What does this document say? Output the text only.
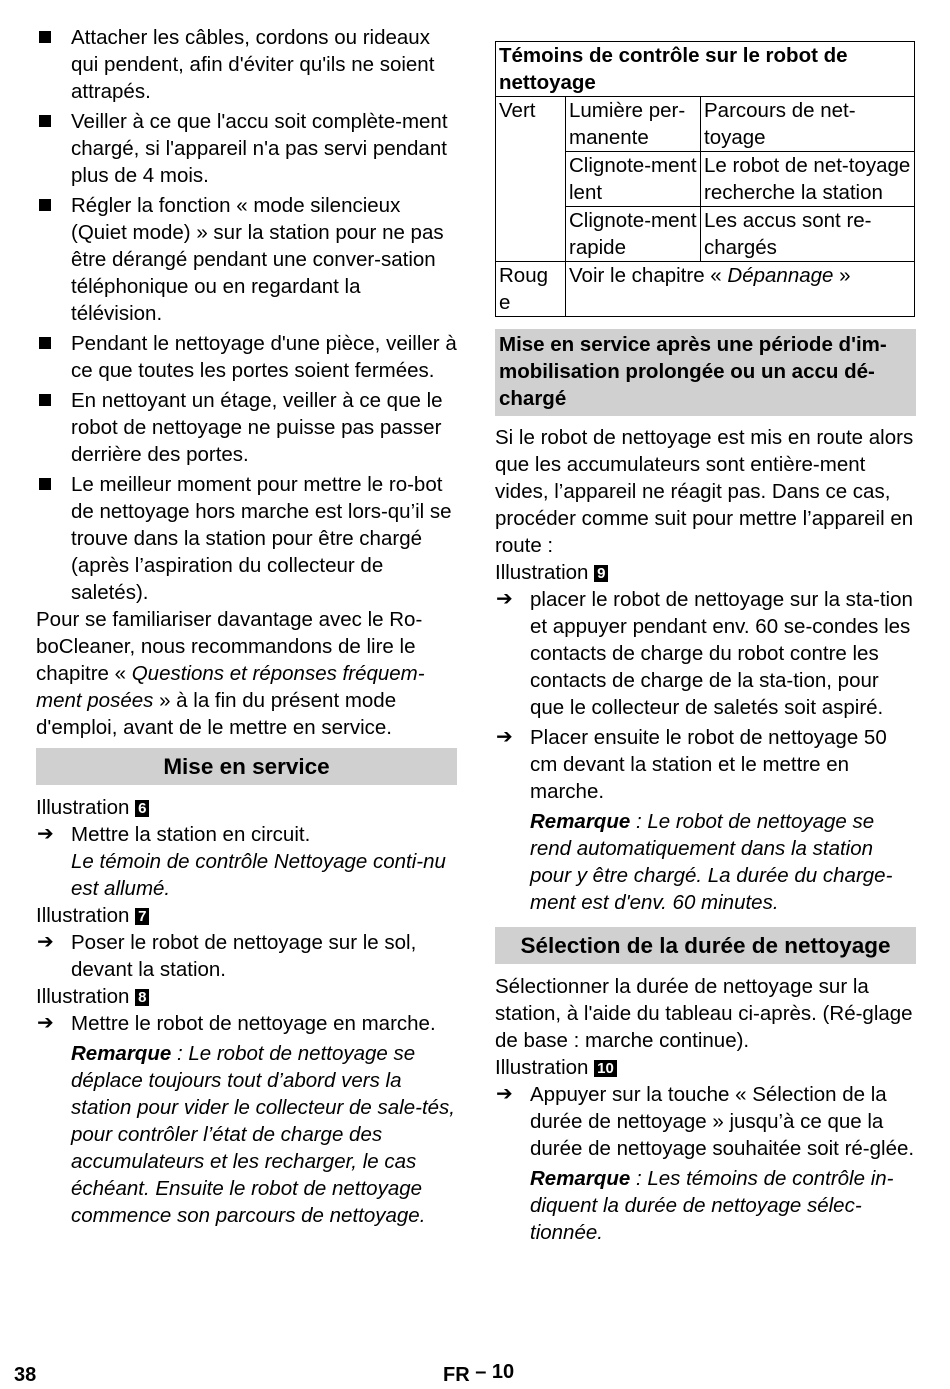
Attacher les câbles, cordons ou rideaux qui pendent, afin d'éviter qu'ils ne soient attrapés.

Veiller à ce que l'accu soit complète-ment chargé, si l'appareil n'a pas servi pendant plus de 4 mois.

Régler la fonction « mode silencieux (Quiet mode) » sur la station pour ne pas être dérangé pendant une conver-sation téléphonique ou en regardant la télévision.

Pendant le nettoyage d'une pièce, veiller à ce que toutes les portes soient fermées.

En nettoyant un étage, veiller à ce que le robot de nettoyage ne puisse pas passer derrière des portes.

Le meilleur moment pour mettre le ro-bot de nettoyage hors marche est lors-qu’il se trouve dans la station pour être chargé (après l’aspiration du collecteur de saletés).

Pour se familiariser davantage avec le Ro-boCleaner, nous recommandons de lire le chapitre « Questions et réponses fréquem-ment posées » à la fin du présent mode d'emploi, avant de le mettre en service.

Mise en service

Illustration 6

➔ Mettre la station en circuit.

Le témoin de contrôle Nettoyage conti-nu est allumé.

Illustration 7

➔ Poser le robot de nettoyage sur le sol, devant la station.

Illustration 8

➔ Mettre le robot de nettoyage en marche.

Remarque : Le robot de nettoyage se déplace toujours tout d’abord vers la station pour vider le collecteur de sale-tés, pour contrôler l’état de charge des accumulateurs et les recharger, le cas échéant. Ensuite le robot de nettoyage commence son parcours de nettoyage.

Témoins de contrôle sur le robot de nettoyage		
Vert	Lumière per-manente	Parcours de net-toyage
	Clignote-ment lent	Le robot de net-toyage recherche la station
	Clignote-ment rapide	Les accus sont re-chargés
Roug e	Voir le chapitre « Dépannage »	
Mise en service après une période d'im-mobilisation prolongée ou un accu dé-chargé

Si le robot de nettoyage est mis en route alors que les accumulateurs sont entière-ment vides, l’appareil ne réagit pas. Dans ce cas, procéder comme suit pour mettre l’appareil en route :

Illustration 9

➔ placer le robot de nettoyage sur la sta-tion et appuyer pendant env. 60 se-condes les contacts de charge du robot contre les contacts de charge de la sta-tion, pour que le collecteur de saletés soit aspiré.

➔ Placer ensuite le robot de nettoyage 50 cm devant la station et le mettre en marche.

Remarque : Le robot de nettoyage se rend automatiquement dans la station pour y être chargé. La durée du charge-ment est d'env. 60 minutes.

Sélection de la durée de nettoyage

Sélectionner la durée de nettoyage sur la station, à l'aide du tableau ci-après. (Ré-glage de base : marche continue).

Illustration 10

➔ Appuyer sur la touche « Sélection de la durée de nettoyage » jusqu’à ce que la durée de nettoyage souhaitée soit ré-glée.

Remarque : Les témoins de contrôle in-diquent la durée de nettoyage sélec-tionnée.

38	FR – 10
